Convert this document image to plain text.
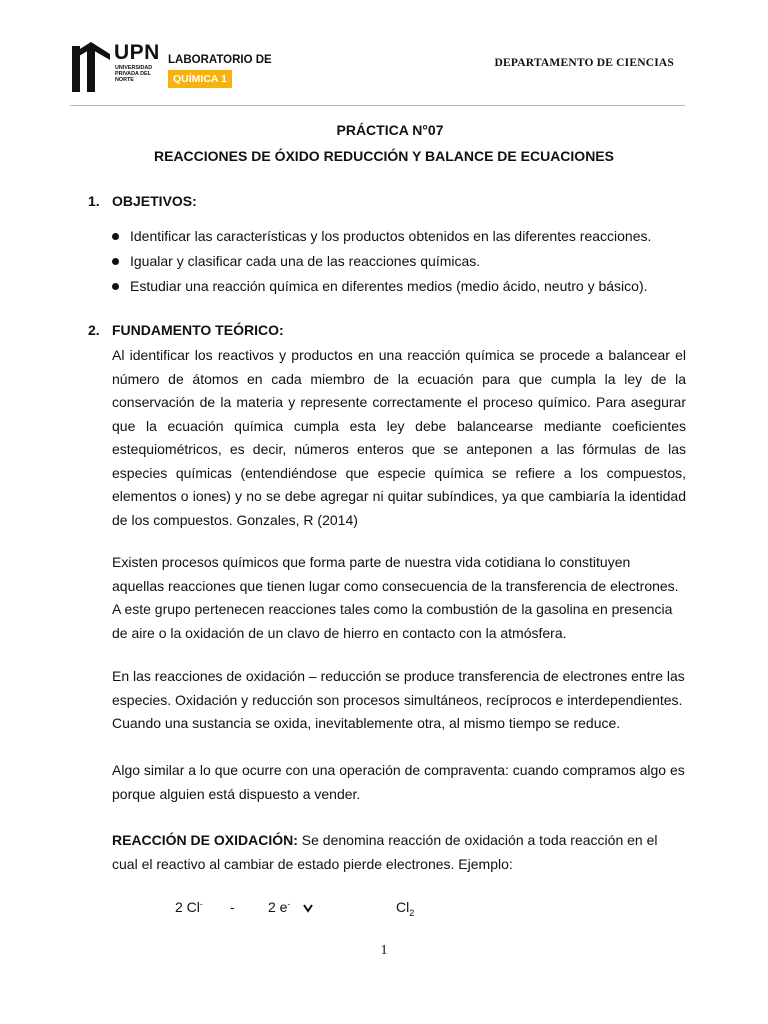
UPN
UNIVERSIDAD PRIVADA DEL NORTE
LABORATORIO DE
QUÍMICA 1
DEPARTAMENTO DE CIENCIAS
PRÁCTICA N°07
REACCIONES DE ÓXIDO REDUCCIÓN Y BALANCE DE ECUACIONES
1. OBJETIVOS:
Identificar las características y los productos obtenidos en las diferentes reacciones.
Igualar y clasificar cada una de las reacciones químicas.
Estudiar una reacción química en diferentes medios (medio ácido, neutro y básico).
2. FUNDAMENTO TEÓRICO:

Al identificar los reactivos y productos en una reacción química se procede a balancear el número de átomos en cada miembro de la ecuación para que cumpla la ley de la conservación de la materia y represente correctamente el proceso químico. Para asegurar que la ecuación química cumpla esta ley debe balancearse mediante coeficientes estequiométricos, es decir, números enteros que se anteponen a las fórmulas de las especies químicas (entendiéndose que especie química se refiere a los compuestos, elementos o iones) y no se debe agregar ni quitar subíndices, ya que cambiaría la identidad de los compuestos. Gonzales, R (2014)

Existen procesos químicos que forma parte de nuestra vida cotidiana lo constituyen aquellas reacciones que tienen lugar como consecuencia de la transferencia de electrones. A este grupo pertenecen reacciones tales como la combustión de la gasolina en presencia de aire o la oxidación de un clavo de hierro en contacto con la atmósfera.

En las reacciones de oxidación – reducción se produce transferencia de electrones entre las especies. Oxidación y reducción son procesos simultáneos, recíprocos e interdependientes. Cuando una sustancia se oxida, inevitablemente otra, al mismo tiempo se reduce.

Algo similar a lo que ocurre con una operación de compraventa: cuando compramos algo es porque alguien está dispuesto a vender.

REACCIÓN DE OXIDACIÓN: Se denomina reacción de oxidación a toda reacción en el cual el reactivo al cambiar de estado pierde electrones. Ejemplo:

2 Cl- - 2 e-	$Cl_2$
1
